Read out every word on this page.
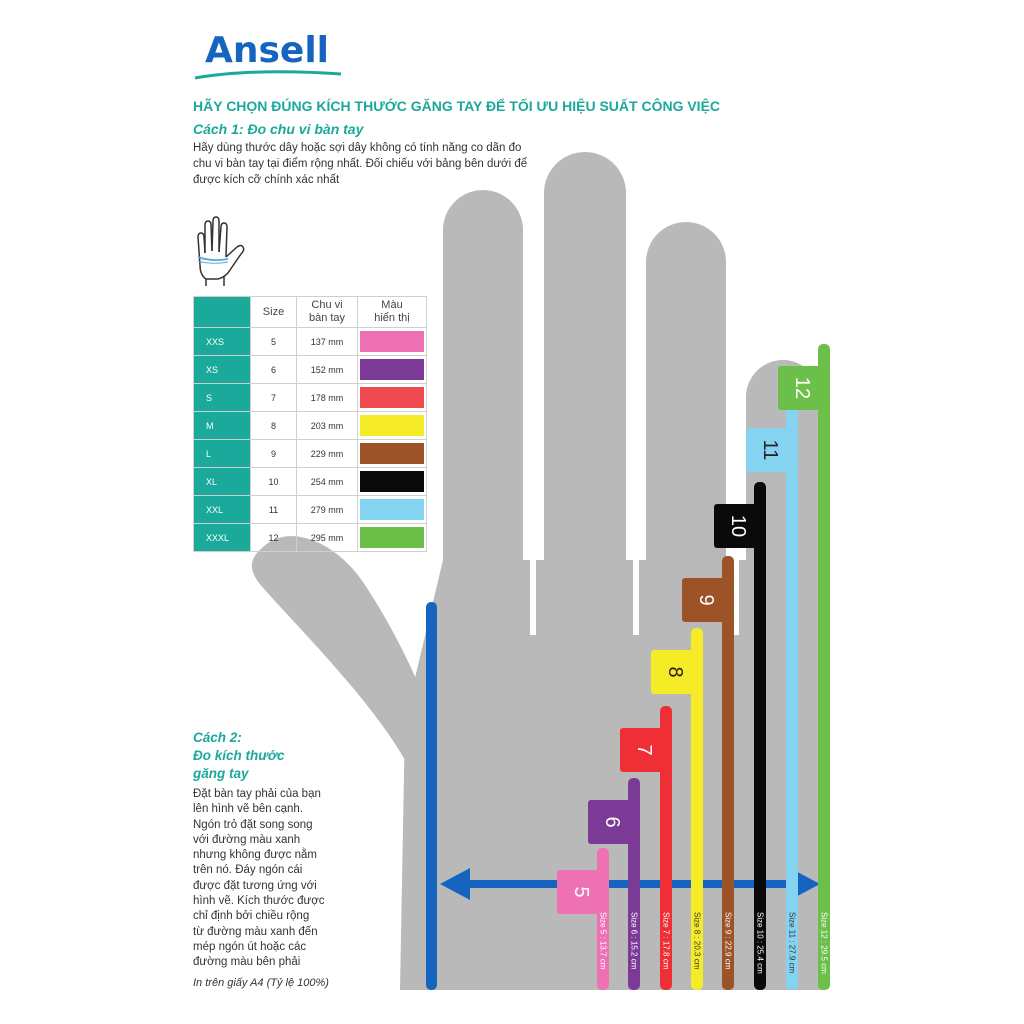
5
Size 5 : 13.7 cm
6
Size 6 : 15.2 cm
7
Size 7 : 17.8 cm
8
Size 8 : 20.3 cm
9
Size 9 : 22.9 cm
10
Size 10 : 25.4 cm
11
Size 11 : 27.9 cm
12
Size 12 : 29.5 cm
Ansell
HÃY CHỌN ĐÚNG KÍCH THƯỚC GĂNG TAY ĐỂ TỐI ƯU HIỆU SUẤT CÔNG VIỆC
Cách 1: Đo chu vi bàn tay
Hãy dùng thước dây hoặc sợi dây không có tính năng co dãn đo
chu vi bàn tay tại điểm rộng nhất. Đối chiếu với bảng bên dưới để
được kích cỡ chính xác nhất
	Size	Chu vi
bàn tay	Màu
hiển thị
XXS	5	137 mm	

XS	6	152 mm	

S	7	178 mm	

M	8	203 mm	

L	9	229 mm	

XL	10	254 mm	

XXL	11	279 mm	

XXXL	12	295 mm	
Cách 2:
Đo kích thước
găng tay
Đặt bàn tay phải của bạn
lên hình vẽ bên cạnh.
Ngón trỏ đặt song song
với đường màu xanh
nhưng không được nằm
trên nó. Đáy ngón cái
được đặt tương ứng với
hình vẽ. Kích thước được
chỉ định bởi chiều rộng
từ đường màu xanh đến
mép ngón út hoặc các
đường màu bên phải
In trên giấy A4 (Tỷ lệ 100%)
